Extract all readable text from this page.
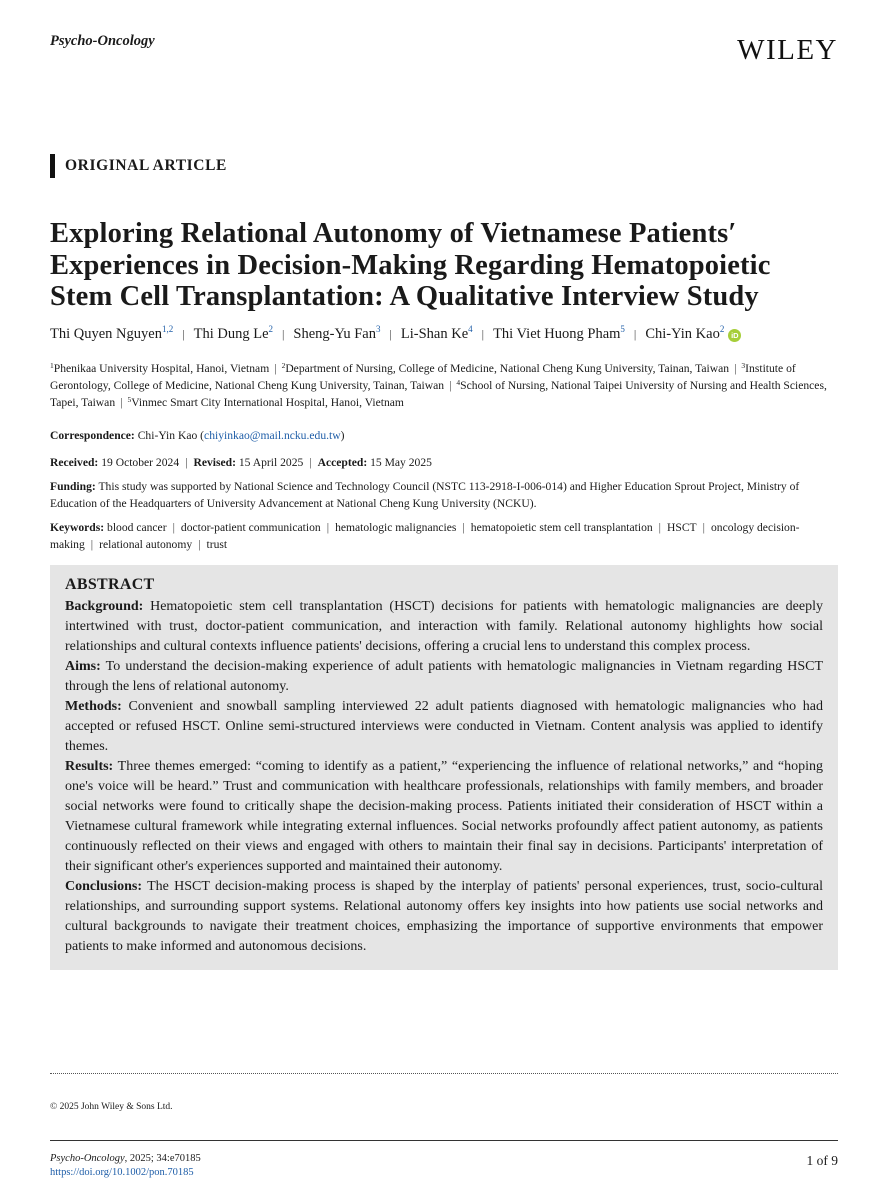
Psycho-Oncology	WILEY
ORIGINAL ARTICLE
Exploring Relational Autonomy of Vietnamese Patients′ Experiences in Decision-Making Regarding Hematopoietic Stem Cell Transplantation: A Qualitative Interview Study
Thi Quyen Nguyen$^{1,2}$ | Thi Dung Le$^2$ | Sheng-Yu Fan$^3$ | Li-Shan Ke$^4$ | Thi Viet Huong Pham$^5$ | Chi-Yin Kao$^2$iD
$^1$Phenikaa University Hospital, Hanoi, Vietnam | $^2$Department of Nursing, College of Medicine, National Cheng Kung University, Tainan, Taiwan | $^3$Institute of Gerontology, College of Medicine, National Cheng Kung University, Tainan, Taiwan | $^4$School of Nursing, National Taipei University of Nursing and Health Sciences, Tapei, Taiwan | $^5$Vinmec Smart City International Hospital, Hanoi, Vietnam
Correspondence: Chi-Yin Kao (chiyinkao@mail.ncku.edu.tw)
Received: 19 October 2024 | Revised: 15 April 2025 | Accepted: 15 May 2025
Funding: This study was supported by National Science and Technology Council (NSTC 113-2918-I-006-014) and Higher Education Sprout Project, Ministry of Education of the Headquarters of University Advancement at National Cheng Kung University (NCKU).
Keywords: blood cancer | doctor-patient communication | hematologic malignancies | hematopoietic stem cell transplantation | HSCT | oncology decision-making | relational autonomy | trust
ABSTRACT

Background: Hematopoietic stem cell transplantation (HSCT) decisions for patients with hematologic malignancies are deeply intertwined with trust, doctor-patient communication, and interaction with family. Relational autonomy highlights how social relationships and cultural contexts influence patients' decisions, offering a crucial lens to understand this complex process.

Aims: To understand the decision-making experience of adult patients with hematologic malignancies in Vietnam regarding HSCT through the lens of relational autonomy.

Methods: Convenient and snowball sampling interviewed 22 adult patients diagnosed with hematologic malignancies who had accepted or refused HSCT. Online semi-structured interviews were conducted in Vietnam. Content analysis was applied to identify themes.

Results: Three themes emerged: “coming to identify as a patient,” “experiencing the influence of relational networks,” and “hoping one's voice will be heard.” Trust and communication with healthcare professionals, relationships with family members, and broader social networks were found to critically shape the decision-making process. Patients initiated their consideration of HSCT within a Vietnamese cultural framework while integrating external influences. Social networks profoundly affect patient autonomy, as patients continuously reflected on their views and engaged with others to maintain their final say in decisions. Participants' interpretation of their significant other's experiences supported and maintained their autonomy.

Conclusions: The HSCT decision-making process is shaped by the interplay of patients' personal experiences, trust, socio-cultural relationships, and surrounding support systems. Relational autonomy offers key insights into how patients use social networks and cultural backgrounds to navigate their treatment choices, emphasizing the importance of supportive environments that empower patients to make informed and autonomous decisions.

© 2025 John Wiley & Sons Ltd.
Psycho-Oncology, 2025; 34:e70185
https://doi.org/10.1002/pon.70185
1 of 9
